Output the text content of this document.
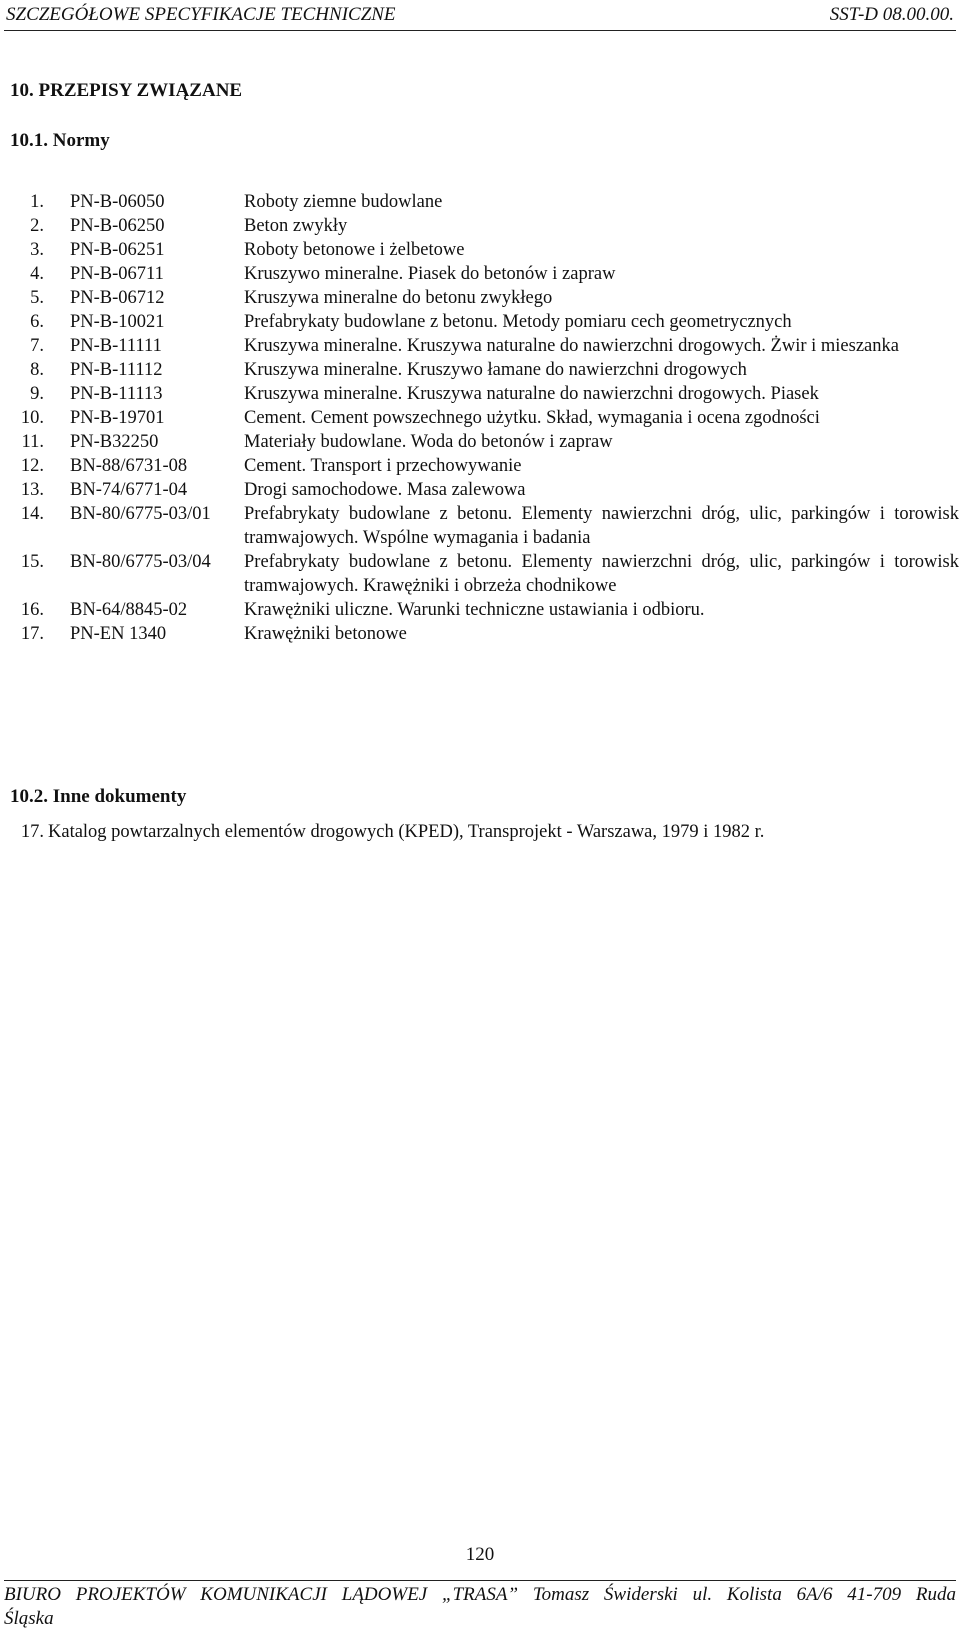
SZCZEGÓŁOWE SPECYFIKACJE TECHNICZNE	SST-D 08.00.00.
10. PRZEPISY ZWIĄZANE
10.1. Normy
1. PN-B-06050	Roboty ziemne budowlane
2. PN-B-06250	Beton zwykły
3. PN-B-06251	Roboty betonowe i żelbetowe
4. PN-B-06711	Kruszywo mineralne. Piasek do betonów i zapraw
5. PN-B-06712	Kruszywa mineralne do betonu zwykłego
6. PN-B-10021	Prefabrykaty budowlane z betonu. Metody pomiaru cech geometrycznych
7. PN-B-11111	Kruszywa mineralne. Kruszywa naturalne do nawierzchni drogowych. Żwir i mieszanka
8. PN-B-11112	Kruszywa mineralne. Kruszywo łamane do nawierzchni drogowych
9. PN-B-11113	Kruszywa mineralne. Kruszywa naturalne do nawierzchni drogowych. Piasek
10. PN-B-19701	Cement. Cement powszechnego użytku. Skład, wymagania i ocena zgodności
11. PN-B32250	Materiały budowlane. Woda do betonów i zapraw
12. BN-88/6731-08	Cement. Transport i przechowywanie
13. BN-74/6771-04	Drogi samochodowe. Masa zalewowa
14. BN-80/6775-03/01 Prefabrykaty budowlane z betonu. Elementy nawierzchni dróg, ulic, parkingów i torowisk tramwajowych. Wspólne wymagania i badania
15. BN-80/6775-03/04 Prefabrykaty budowlane z betonu. Elementy nawierzchni dróg, ulic, parkingów i torowisk tramwajowych. Krawężniki i obrzeża chodnikowe
16. BN-64/8845-02	Krawężniki uliczne. Warunki techniczne ustawiania i odbioru.
17. PN-EN 1340	Krawężniki betonowe
10.2. Inne dokumenty
17. Katalog powtarzalnych elementów drogowych (KPED), Transprojekt - Warszawa, 1979 i 1982 r.
120
BIURO PROJEKTÓW KOMUNIKACJI LĄDOWEJ „TRASA” Tomasz Świderski ul. Kolista 6A/6 41-709 Ruda
Śląska
